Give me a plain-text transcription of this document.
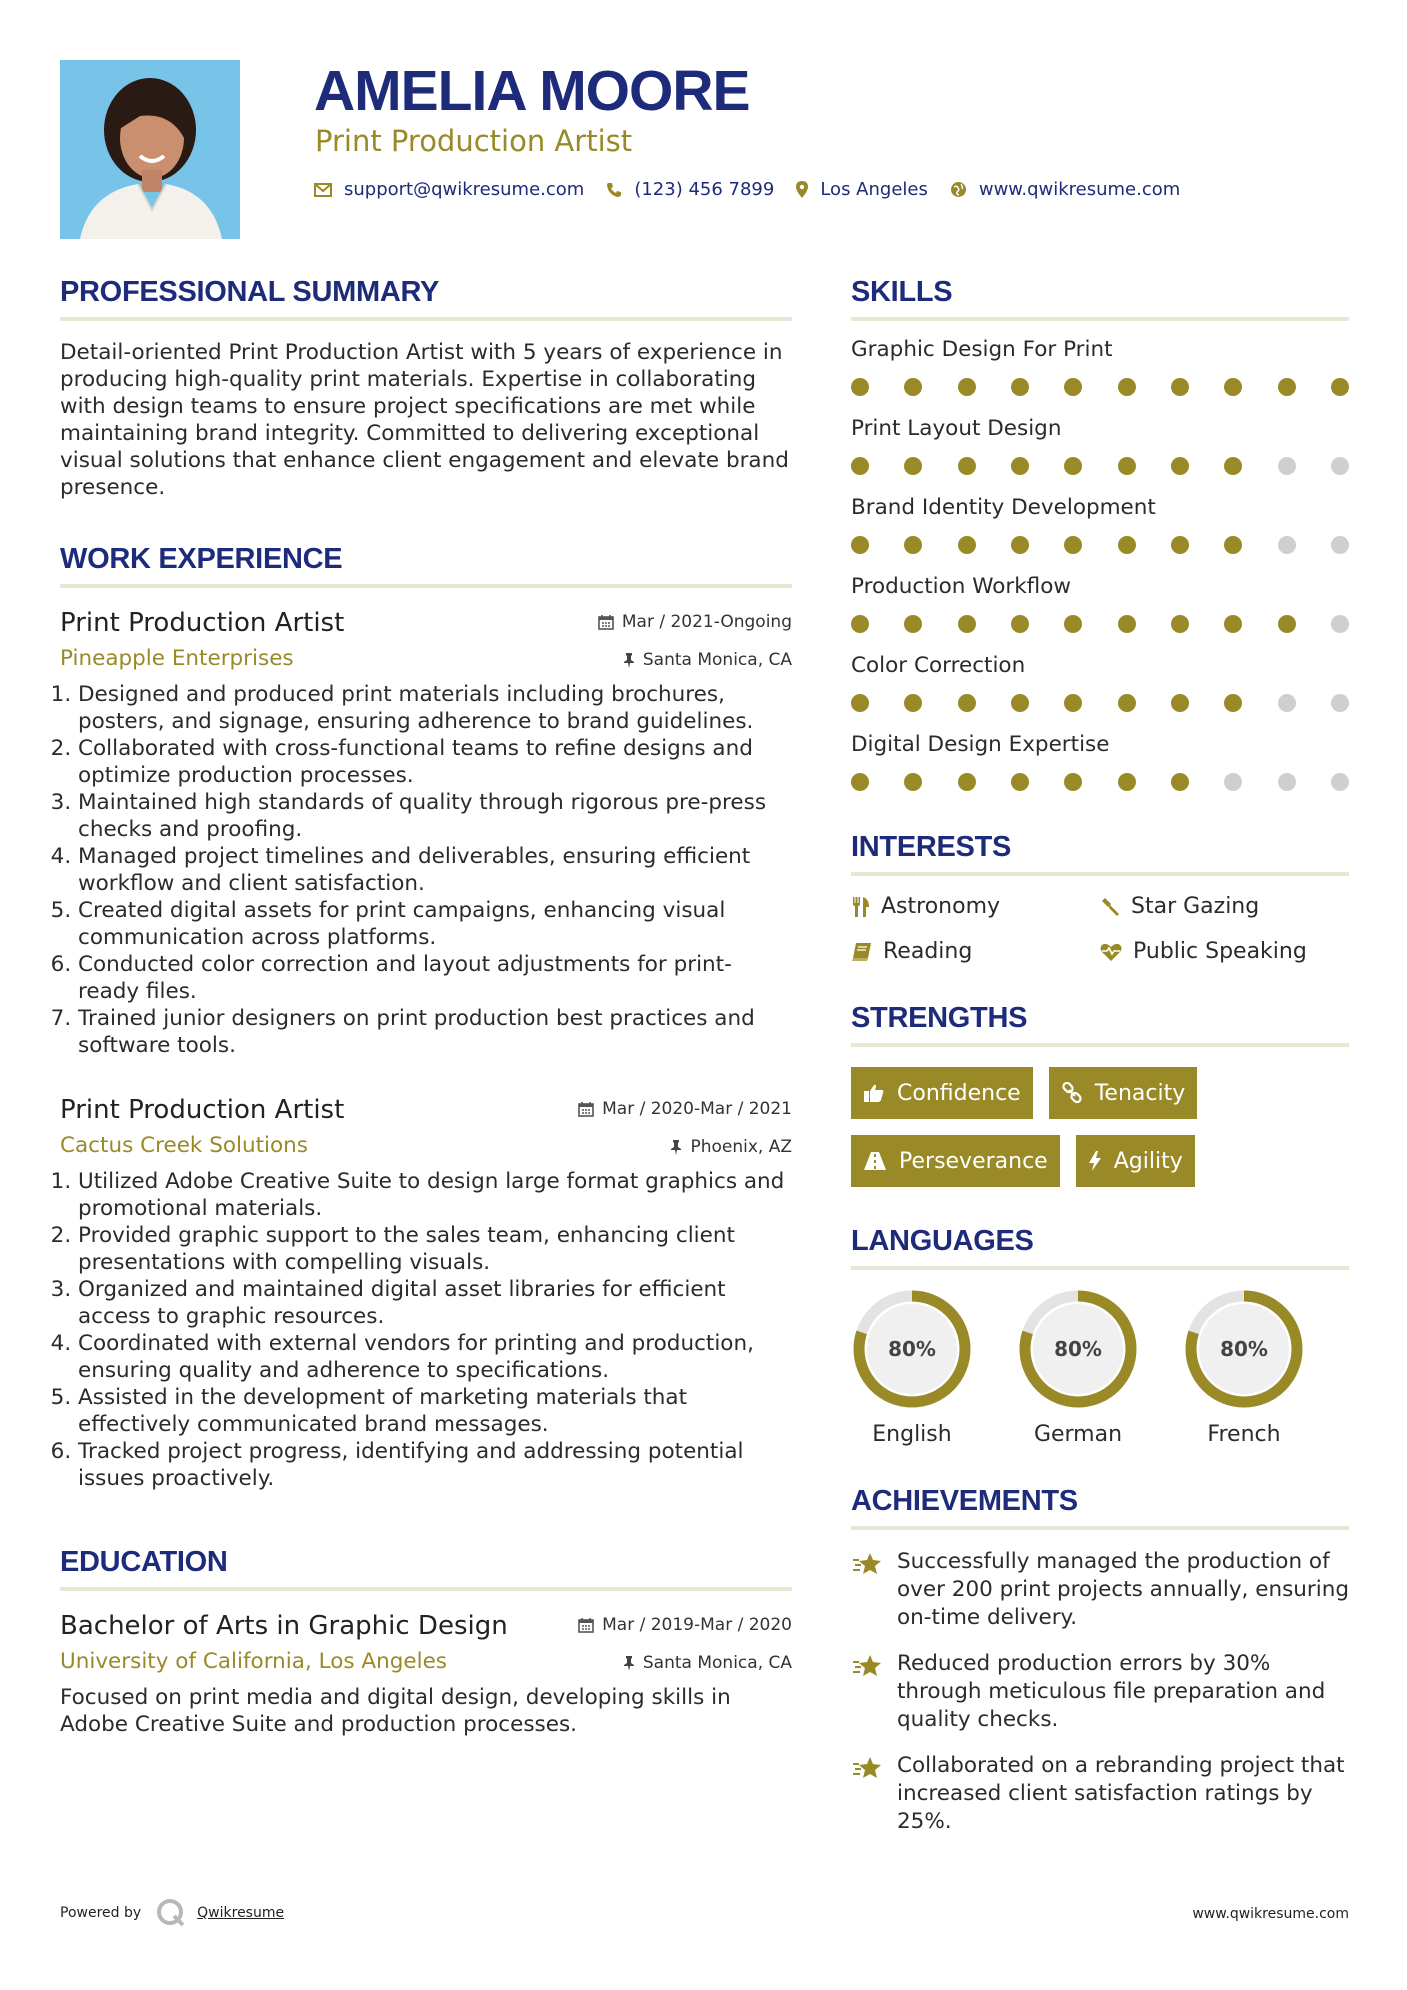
AMELIA MOORE
Print Production Artist
support@qwikresume.com	(123) 456 7899	Los Angeles	www.qwikresume.com
PROFESSIONAL SUMMARY

Detail-oriented Print Production Artist with 5 years of experience in producing high-quality print materials. Expertise in collaborating with design teams to ensure project specifications are met while maintaining brand integrity. Committed to delivering exceptional visual solutions that enhance client engagement and elevate brand presence.

WORK EXPERIENCE
Mar / 2021-Ongoing
Print Production Artist
Santa Monica, CA
Pineapple Enterprises
1. Designed and produced print materials including brochures, posters, and signage, ensuring adherence to brand guidelines.
2. Collaborated with cross-functional teams to refine designs and optimize production processes.
3. Maintained high standards of quality through rigorous pre-press checks and proofing.
4. Managed project timelines and deliverables, ensuring efficient workflow and client satisfaction.
5. Created digital assets for print campaigns, enhancing visual communication across platforms.
6. Conducted color correction and layout adjustments for print-ready files.
7. Trained junior designers on print production best practices and software tools.
Mar / 2020-Mar / 2021
Print Production Artist
Phoenix, AZ
Cactus Creek Solutions
1. Utilized Adobe Creative Suite to design large format graphics and promotional materials.
2. Provided graphic support to the sales team, enhancing client presentations with compelling visuals.
3. Organized and maintained digital asset libraries for efficient access to graphic resources.
4. Coordinated with external vendors for printing and production, ensuring quality and adherence to specifications.
5. Assisted in the development of marketing materials that effectively communicated brand messages.
6. Tracked project progress, identifying and addressing potential issues proactively.
EDUCATION
Mar / 2019-Mar / 2020
Bachelor of Arts in Graphic Design
Santa Monica, CA
University of California, Los Angeles

Focused on print media and digital design, developing skills in Adobe Creative Suite and production processes.

SKILLS
Graphic Design For Print
Print Layout Design
Brand Identity Development
Production Workflow
Color Correction
Digital Design Expertise
INTERESTS
Astronomy	Star Gazing
Reading	Public Speaking
STRENGTHS
Confidence	Tenacity
Perseverance	Agility
LANGUAGES
80%
English
80%
German
80%
French
ACHIEVEMENTS
Successfully managed the production of over 200 print projects annually, ensuring on-time delivery.
Reduced production errors by 30% through meticulous file preparation and quality checks.
Collaborated on a rebranding project that increased client satisfaction ratings by 25%.
Powered by	Qwikresume	www.qwikresume.com
